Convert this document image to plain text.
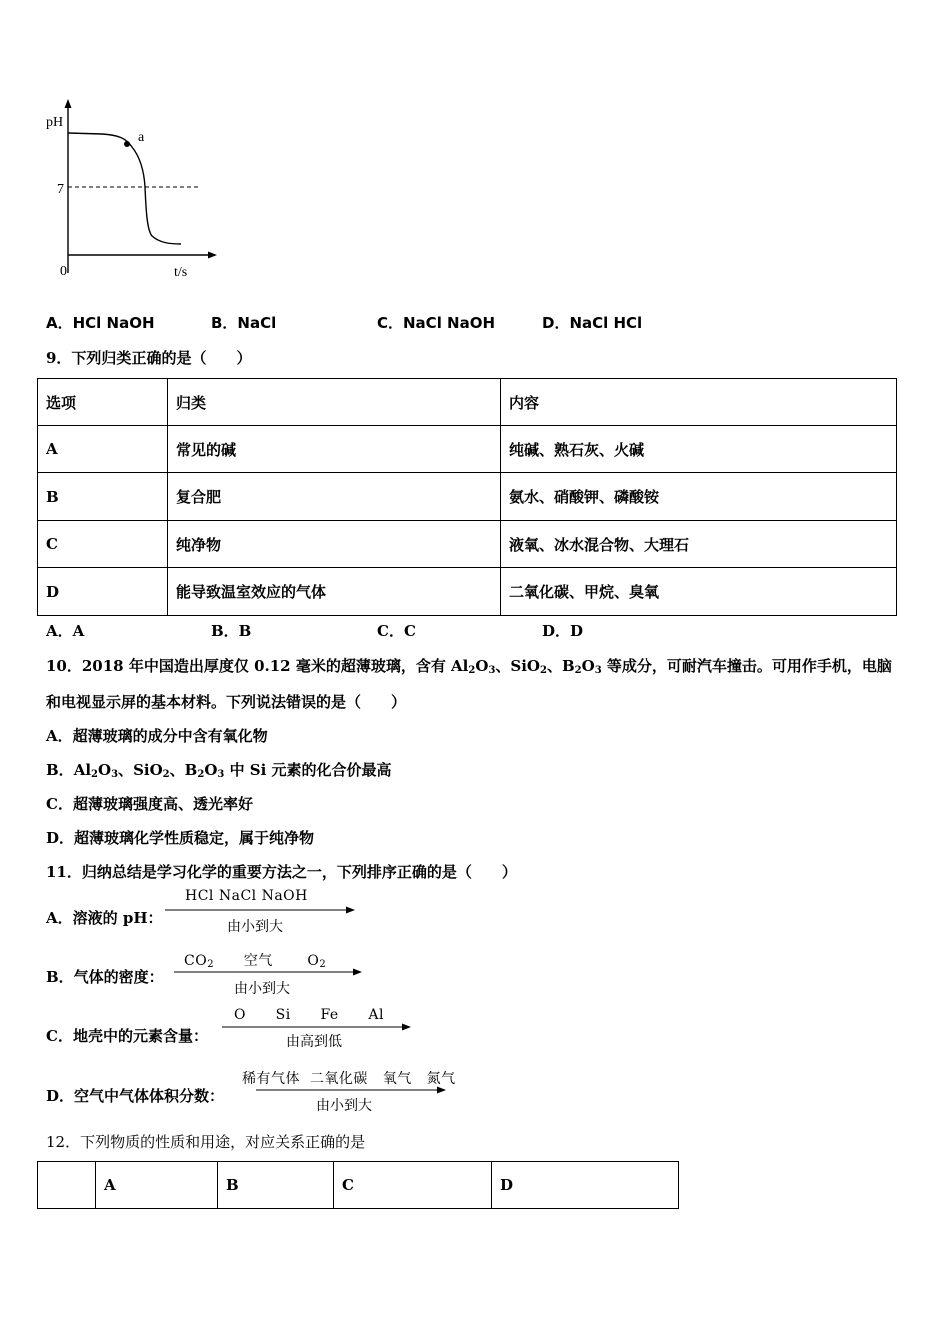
pH
7
a
0	t/s
A．HCl NaOH	B．NaCl	C．NaCl NaOH	D．NaCl HCl
9．下列归类正确的是（　　）
选项	归类	内容
A	常见的碱	纯碱、熟石灰、火碱
B	复合肥	氨水、硝酸钾、磷酸铵
C	纯净物	液氧、冰水混合物、大理石
D	能导致温室效应的气体	二氧化碳、甲烷、臭氧
A．A	B．B	C．C	D．D
10．2018 年中国造出厚度仅 0.12 毫米的超薄玻璃，含有 $Al_2O_3$、SiO$_2$、$B_2O_3$ 等成分，可耐汽车撞击。可用作手机，电脑
和电视显示屏的基本材料。下列说法错误的是（　　）
A．超薄玻璃的成分中含有氧化物
B．$Al_2O_3$、SiO$_2$、$B_2O_3$ 中 Si 元素的化合价最高
C．超薄玻璃强度高、透光率好
D．超薄玻璃化学性质稳定，属于纯净物
11．归纳总结是学习化学的重要方法之一，下列排序正确的是（　　）
A．溶液的 pH：
HCl NaCl NaOH
由小到大
B．气体的密度：
$CO_2$ 空气       $O_2$
由小到大
C．地壳中的元素含量：
O      Si      Fe      Al
由高到低
D．空气中气体体积分数：
稀有气体  二氧化碳   氧气   氮气
由小到大
12．下列物质的性质和用途，对应关系正确的是
	A	B	C	D
